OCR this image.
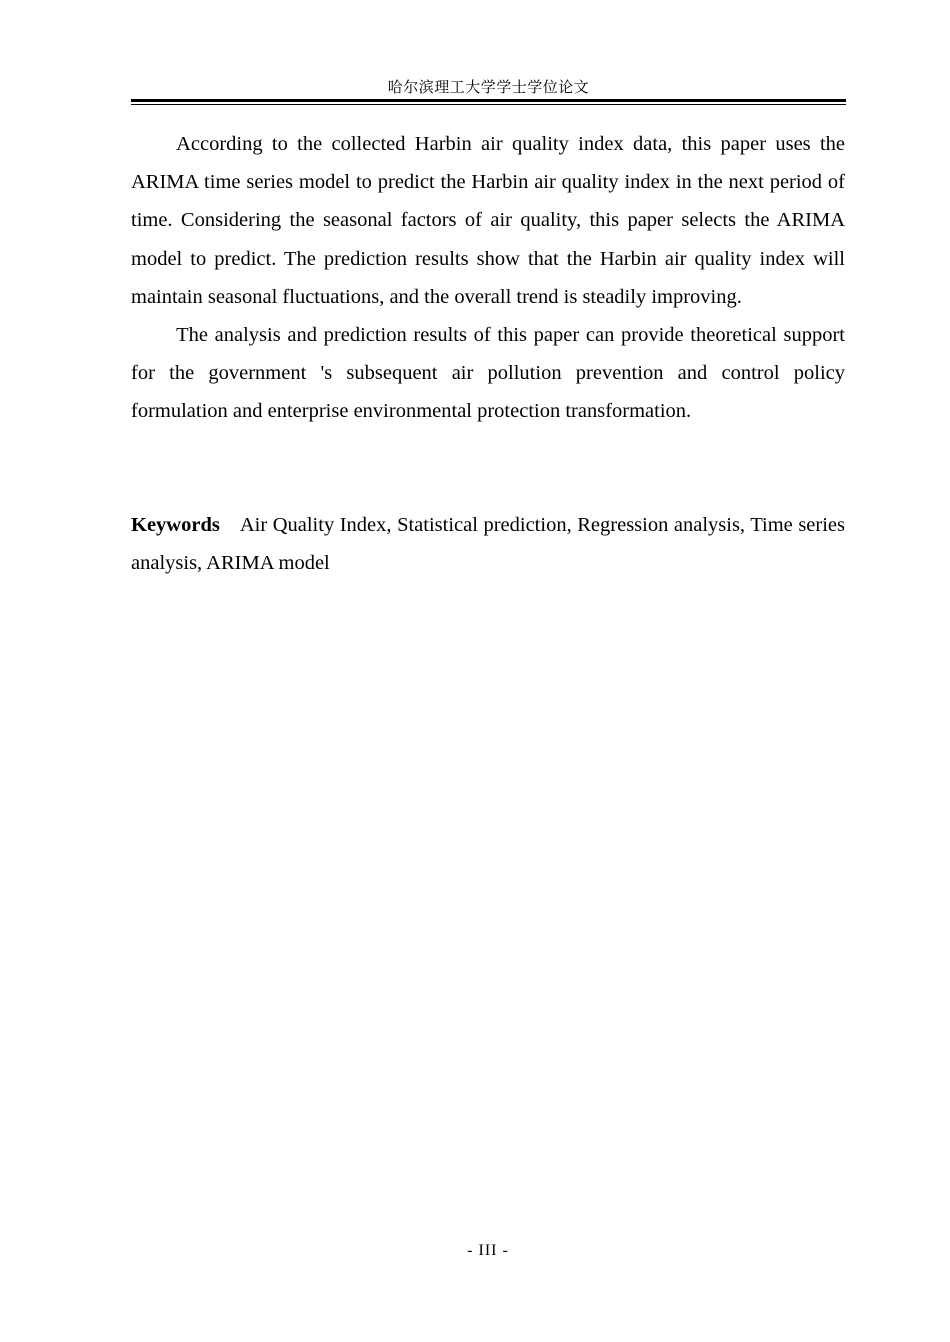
哈尔滨理工大学学士学位论文

According to the collected Harbin air quality index data, this paper uses the ARIMA time series model to predict the Harbin air quality index in the next period of time. Considering the seasonal factors of air quality, this paper selects the ARIMA model to predict. The prediction results show that the Harbin air quality index will maintain seasonal fluctuations, and the overall trend is steadily improving.

The analysis and prediction results of this paper can provide theoretical support for the government 's subsequent air pollution prevention and control policy formulation and enterprise environmental protection transformation.

Keywords Air Quality Index, Statistical prediction, Regression analysis, Time series analysis, ARIMA model

- III -
